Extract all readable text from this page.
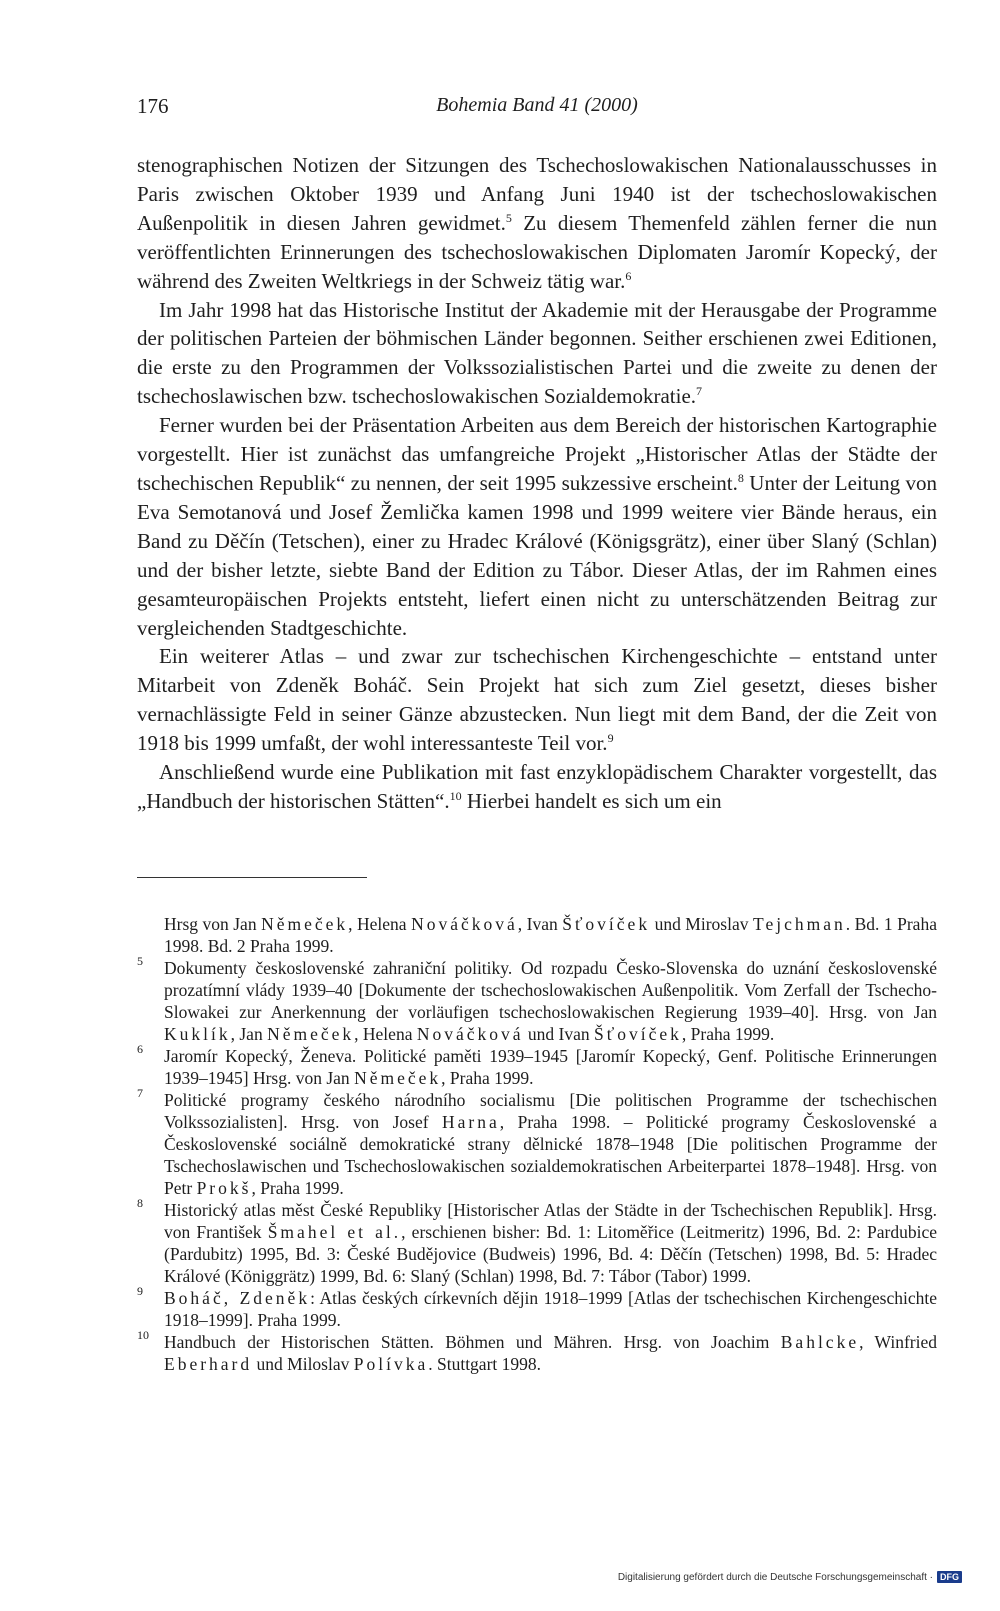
176	Bohemia Band 41 (2000)

stenographischen Notizen der Sitzungen des Tschechoslowakischen Nationalausschusses in Paris zwischen Oktober 1939 und Anfang Juni 1940 ist der tschechoslowakischen Außenpolitik in diesen Jahren gewidmet.$^5$ Zu diesem Themenfeld zählen ferner die nun veröffentlichten Erinnerungen des tschechoslowakischen Diplomaten Jaromír Kopecký, der während des Zweiten Weltkriegs in der Schweiz tätig war.$^6$

Im Jahr 1998 hat das Historische Institut der Akademie mit der Herausgabe der Programme der politischen Parteien der böhmischen Länder begonnen. Seither erschienen zwei Editionen, die erste zu den Programmen der Volkssozialistischen Partei und die zweite zu denen der tschechoslawischen bzw. tschechoslowakischen Sozialdemokratie.$^7$

Ferner wurden bei der Präsentation Arbeiten aus dem Bereich der historischen Kartographie vorgestellt. Hier ist zunächst das umfangreiche Projekt „Historischer Atlas der Städte der tschechischen Republik“ zu nennen, der seit 1995 sukzessive erscheint.$^8$ Unter der Leitung von Eva Semotanová und Josef Žemlička kamen 1998 und 1999 weitere vier Bände heraus, ein Band zu Děčín (Tetschen), einer zu Hradec Králové (Königsgrätz), einer über Slaný (Schlan) und der bisher letzte, siebte Band der Edition zu Tábor. Dieser Atlas, der im Rahmen eines gesamteuropäischen Projekts entsteht, liefert einen nicht zu unterschätzenden Beitrag zur vergleichenden Stadtgeschichte.

Ein weiterer Atlas – und zwar zur tschechischen Kirchengeschichte – entstand unter Mitarbeit von Zdeněk Boháč. Sein Projekt hat sich zum Ziel gesetzt, dieses bisher vernachlässigte Feld in seiner Gänze abzustecken. Nun liegt mit dem Band, der die Zeit von 1918 bis 1999 umfaßt, der wohl interessanteste Teil vor.$^9$

Anschließend wurde eine Publikation mit fast enzyklopädischem Charakter vorgestellt, das „Handbuch der historischen Stätten“.$^{10}$ Hierbei handelt es sich um ein

Hrsg von Jan Němeček, Helena Nováčková, Ivan Šťovíček und Miroslav Tejchman. Bd. 1 Praha 1998. Bd. 2 Praha 1999.
5 Dokumenty československé zahraniční politiky. Od rozpadu Česko-Slovenska do uznání československé prozatímní vlády 1939–40 [Dokumente der tschechoslowakischen Außenpolitik. Vom Zerfall der Tschecho-Slowakei zur Anerkennung der vorläufigen tschechoslowakischen Regierung 1939–40]. Hrsg. von Jan Kuklík, Jan Němeček, Helena Nováčková und Ivan Šťovíček, Praha 1999.
6 Jaromír Kopecký, Ženeva. Politické paměti 1939–1945 [Jaromír Kopecký, Genf. Politische Erinnerungen 1939–1945] Hrsg. von Jan Němeček, Praha 1999.
7 Politické programy českého národního socialismu [Die politischen Programme der tschechischen Volkssozialisten]. Hrsg. von Josef Harna, Praha 1998. – Politické programy Československé a Československé sociálně demokratické strany dělnické 1878–1948 [Die politischen Programme der Tschechoslawischen und Tschechoslowakischen sozialdemokratischen Arbeiterpartei 1878–1948]. Hrsg. von Petr Prokš, Praha 1999.
8 Historický atlas měst České Republiky [Historischer Atlas der Städte in der Tschechischen Republik]. Hrsg. von František Šmahel et al., erschienen bisher: Bd. 1: Litoměřice (Leitmeritz) 1996, Bd. 2: Pardubice (Pardubitz) 1995, Bd. 3: České Budějovice (Budweis) 1996, Bd. 4: Děčín (Tetschen) 1998, Bd. 5: Hradec Králové (Königgrätz) 1999, Bd. 6: Slaný (Schlan) 1998, Bd. 7: Tábor (Tabor) 1999.
9 Boháč, Zdeněk: Atlas českých církevních dějin 1918–1999 [Atlas der tschechischen Kirchengeschichte 1918–1999]. Praha 1999.
10 Handbuch der Historischen Stätten. Böhmen und Mähren. Hrsg. von Joachim Bahlcke, Winfried Eberhard und Miloslav Polívka. Stuttgart 1998.
Digitalisierung gefördert durch die Deutsche Forschungsgemeinschaft · DFG
